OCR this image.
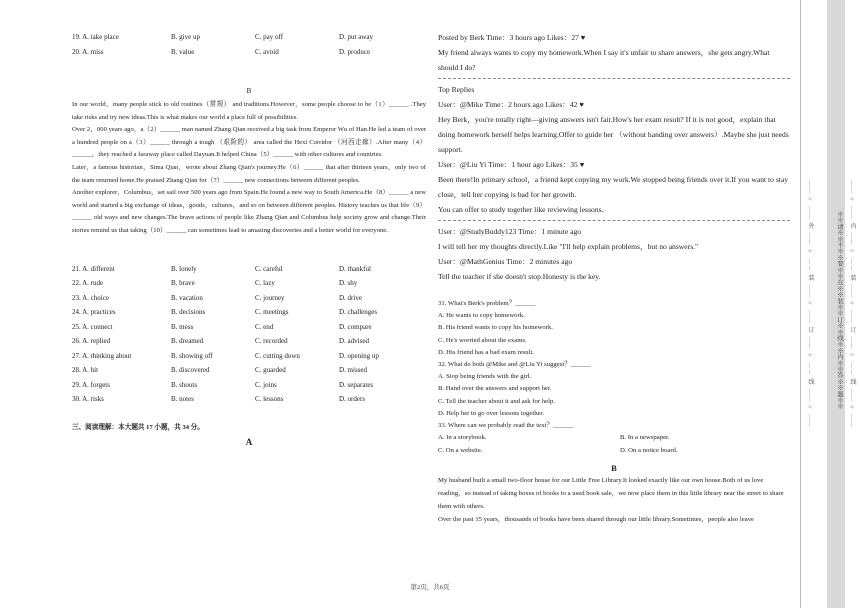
19. A. take place	B. give up	C. pay off	D. put away
20. A. miss	B. value	C. avoid	D. produce
B

In our world，many people stick to old routines（常规） and traditions.However，some people choose to be（1）______ .They take risks and try new ideas.This is what makes our world a place full of possibilities.

Over 2，000 years ago，a（2）______ man named Zhang Qian received a big task from Emperor Wu of Han.He led a team of over a hundred people on a（3）______ through a tough （艰险的） area called the Hexi Corridor （河西走廊）.After many（4）______，they reached a faraway place called Dayuan.It helped China（5）______ with other cultures and countries.

Later，a famous historian，Sima Qian，wrote about Zhang Qian's journey.He（6）______ that after thirteen years，only two of the team returned home.He praised Zhang Qian for（7）______ new connections between different peoples.

Another explorer，Columbus，set sail over 500 years ago from Spain.He found a new way to South America.He（8）______ a new world and started a big exchange of ideas，goods，cultures，and so on between different peoples. History teaches us that life（9）______ old ways and new changes.The brave actions of people like Zhang Qian and Columbus help society grow and change.Their stories remind us that taking（10）______ can sometimes lead to amazing discoveries and a better world for everyone.

21. A. different	B. lonely	C. careful	D. thankful
22. A. rude	B. brave	C. lazy	D. shy
23. A. choice	B. vacation	C. journey	D. drive
24. A. practices	B. decisions	C. meetings	D. challenges
25. A. connect	B. mess	C. end	D. compare
26. A. replied	B. dreamed	C. recorded	D. advised
27. A. thinking about	B. showing off	C. cutting down	D. opening up
28. A. hit	B. discovered	C. guarded	D. missed
29. A. forgets	B. shoots	C. joins	D. separates
30. A. risks	B. notes	C. lessons	D. orders
三、阅读理解：本大题共 17 小题，共 34 分。
A

Posted by Berk Time：3 hours ago Likes：27 ♥

My friend always wants to copy my homework.When I say it's unfair to share answers，she gets angry.What should I do?

Top Replies

User：@Mike Time：2 hours ago Likes：42 ♥

Hey Berk，you're totally right—giving answers isn't fair.How's her exam result? If it is not good，explain that doing homework herself helps learning.Offer to guide her （without handing over answers）.Maybe she just needs support.

User：@Liu Yi Time：1 hour ago Likes：35 ♥

Been there!In primary school，a friend kept copying my work.We stopped being friends over it.If you want to stay close，tell her copying is bad for her growth.

You can offer to study together like reviewing lessons.

User：@StudyBuddy123 Time：1 minute ago

I will tell her my thoughts directly.Like "I'll help explain problems，but no answers."

User：@MathGenius Time：2 minutes ago

Tell the teacher if she doesn't stop.Honesty is the key.

31. What's Berk's problem？______

A. He wants to copy homework.

B. His friend wants to copy his homework.

C. He's worried about the exams.

D. His friend has a bad exam result.

32. What do both @Mike and @Liu Yi suggest？______

A. Stop being friends with the girl.

B. Hand over the answers and support her.

C. Tell the teacher about it and ask for help.

D. Help her to go over lessons together.

33. Where can we probably read the text？______

A. In a storybook.	B. In a newspaper.
C. On a website.	D. On a notice board.
B

My husband built a small two-floor house for our Little Free Library.It looked exactly like our own house.Both of us love reading，so instead of taking boxes of books to a used book sale，we now place them in this little library near the street to share them with others.

Over the past 15 years，thousands of books have been shared through our little library.Sometimes，people also leave

第2页，共6页
…… ○ …… 外 …… ○ …… 装 …… ○ …… 订 …… ○ …… 线 …… ○ ……	※※请※※不※※要※※在※※装※※订※※线※※内※※答※※题※※ …… ○ …… 内 …… ○ …… 装 …… ○ …… 订 …… ○ …… 线 …… ○ ……
